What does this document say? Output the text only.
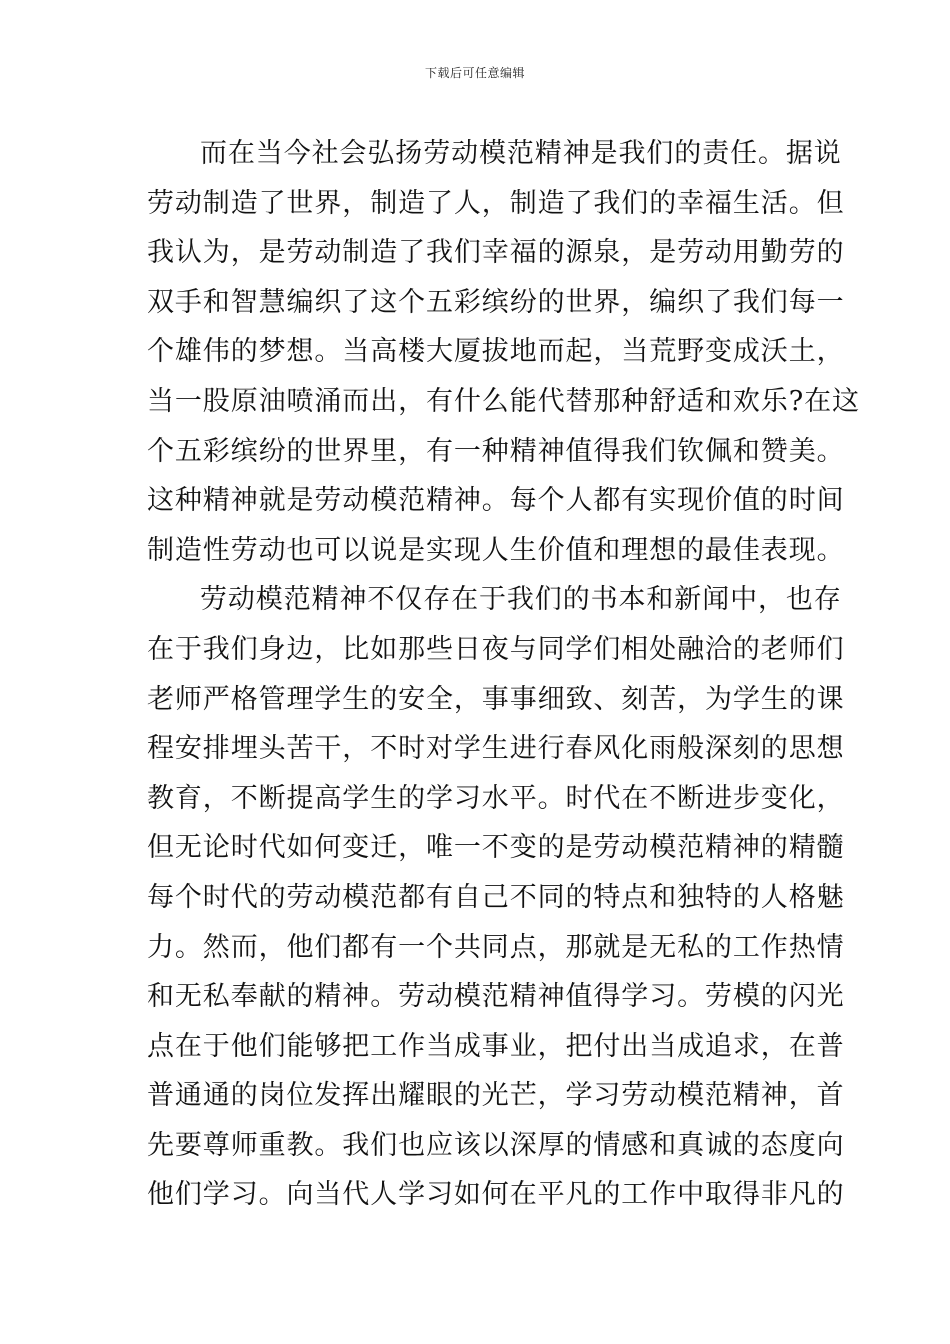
下载后可任意编辑
而在当今社会弘扬劳动模范精神是我们的责任。据说
劳动制造了世界，制造了人，制造了我们的幸福生活。但
我认为，是劳动制造了我们幸福的源泉，是劳动用勤劳的
双手和智慧编织了这个五彩缤纷的世界，编织了我们每一
个雄伟的梦想。当高楼大厦拔地而起，当荒野变成沃土，
当一股原油喷涌而出，有什么能代替那种舒适和欢乐?在这
个五彩缤纷的世界里，有一种精神值得我们钦佩和赞美。
这种精神就是劳动模范精神。每个人都有实现价值的时间
制造性劳动也可以说是实现人生价值和理想的最佳表现。
劳动模范精神不仅存在于我们的书本和新闻中，也存
在于我们身边，比如那些日夜与同学们相处融洽的老师们
老师严格管理学生的安全，事事细致、刻苦，为学生的课
程安排埋头苦干，不时对学生进行春风化雨般深刻的思想
教育，不断提高学生的学习水平。时代在不断进步变化，
但无论时代如何变迁，唯一不变的是劳动模范精神的精髓
每个时代的劳动模范都有自己不同的特点和独特的人格魅
力。然而，他们都有一个共同点，那就是无私的工作热情
和无私奉献的精神。劳动模范精神值得学习。劳模的闪光
点在于他们能够把工作当成事业，把付出当成追求，在普
普通通的岗位发挥出耀眼的光芒，学习劳动模范精神，首
先要尊师重教。我们也应该以深厚的情感和真诚的态度向
他们学习。向当代人学习如何在平凡的工作中取得非凡的
